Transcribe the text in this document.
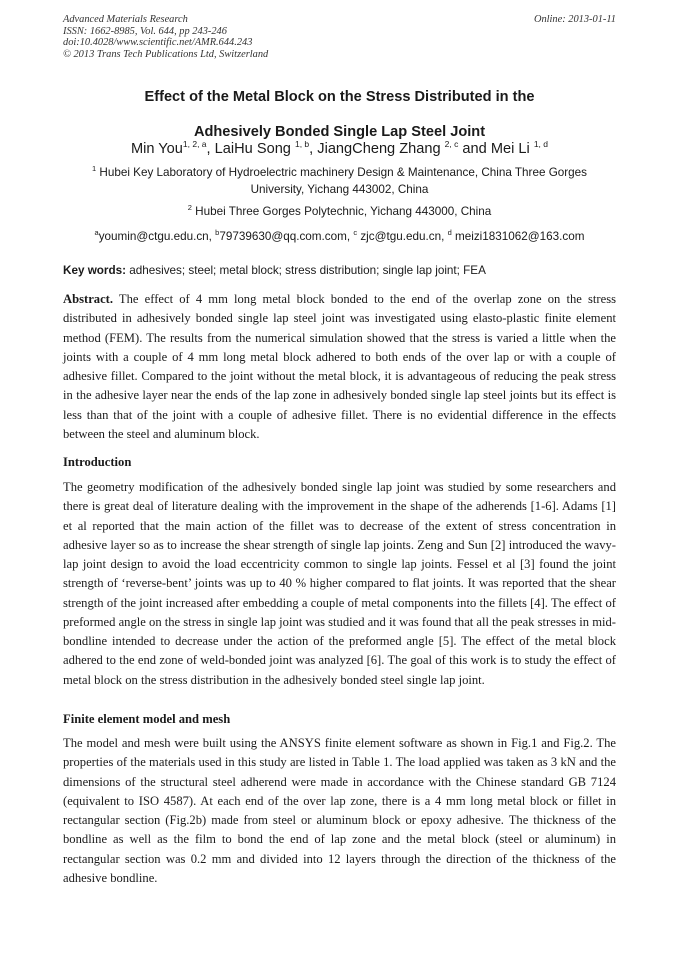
Advanced Materials Research
ISSN: 1662-8985, Vol. 644, pp 243-246
doi:10.4028/www.scientific.net/AMR.644.243
© 2013 Trans Tech Publications Ltd, Switzerland
Online: 2013-01-11
Effect of the Metal Block on the Stress Distributed in the
Adhesively Bonded Single Lap Steel Joint
Min You$^{1, 2, a}$, LaiHu Song $^{1, b}$, JiangCheng Zhang $^{2, c}$ and Mei Li $^{1, d}$
$^1$ Hubei Key Laboratory of Hydroelectric machinery Design & Maintenance, China Three Gorges
University, Yichang 443002, China
$^2$ Hubei Three Gorges Polytechnic, Yichang 443000, China
$^a$youmin@ctgu.edu.cn, $^b$79739630@qq.com.com, $^c$ zjc@tgu.edu.cn, $^d$ meizi1831062@163.com
Key words: adhesives; steel; metal block; stress distribution; single lap joint; FEA
Abstract. The effect of 4 mm long metal block bonded to the end of the overlap zone on the stress distributed in adhesively bonded single lap steel joint was investigated using elasto-plastic finite element method (FEM). The results from the numerical simulation showed that the stress is varied a little when the joints with a couple of 4 mm long metal block adhered to both ends of the over lap or with a couple of adhesive fillet. Compared to the joint without the metal block, it is advantageous of reducing the peak stress in the adhesive layer near the ends of the lap zone in adhesively bonded single lap steel joints but its effect is less than that of the joint with a couple of adhesive fillet. There is no evidential difference in the effects between the steel and aluminum block.
Introduction
The geometry modification of the adhesively bonded single lap joint was studied by some researchers and there is great deal of literature dealing with the improvement in the shape of the adherends [1-6]. Adams [1] et al reported that the main action of the fillet was to decrease of the extent of stress concentration in adhesive layer so as to increase the shear strength of single lap joints. Zeng and Sun [2] introduced the wavy-lap joint design to avoid the load eccentricity common to single lap joints. Fessel et al [3] found the joint strength of ‘reverse-bent’ joints was up to 40 % higher compared to flat joints. It was reported that the shear strength of the joint increased after embedding a couple of metal components into the fillets [4]. The effect of preformed angle on the stress in single lap joint was studied and it was found that all the peak stresses in mid-bondline intended to decrease under the action of the preformed angle [5]. The effect of the metal block adhered to the end zone of weld-bonded joint was analyzed [6]. The goal of this work is to study the effect of metal block on the stress distribution in the adhesively bonded steel single lap joint.
Finite element model and mesh
The model and mesh were built using the ANSYS finite element software as shown in Fig.1 and Fig.2. The properties of the materials used in this study are listed in Table 1. The load applied was taken as 3 kN and the dimensions of the structural steel adherend were made in accordance with the Chinese standard GB 7124 (equivalent to ISO 4587). At each end of the over lap zone, there is a 4 mm long metal block or fillet in rectangular section (Fig.2b) made from steel or aluminum block or epoxy adhesive. The thickness of the bondline as well as the film to bond the end of lap zone and the metal block (steel or aluminum) in rectangular section was 0.2 mm and divided into 12 layers through the direction of the thickness of the adhesive bondline.
